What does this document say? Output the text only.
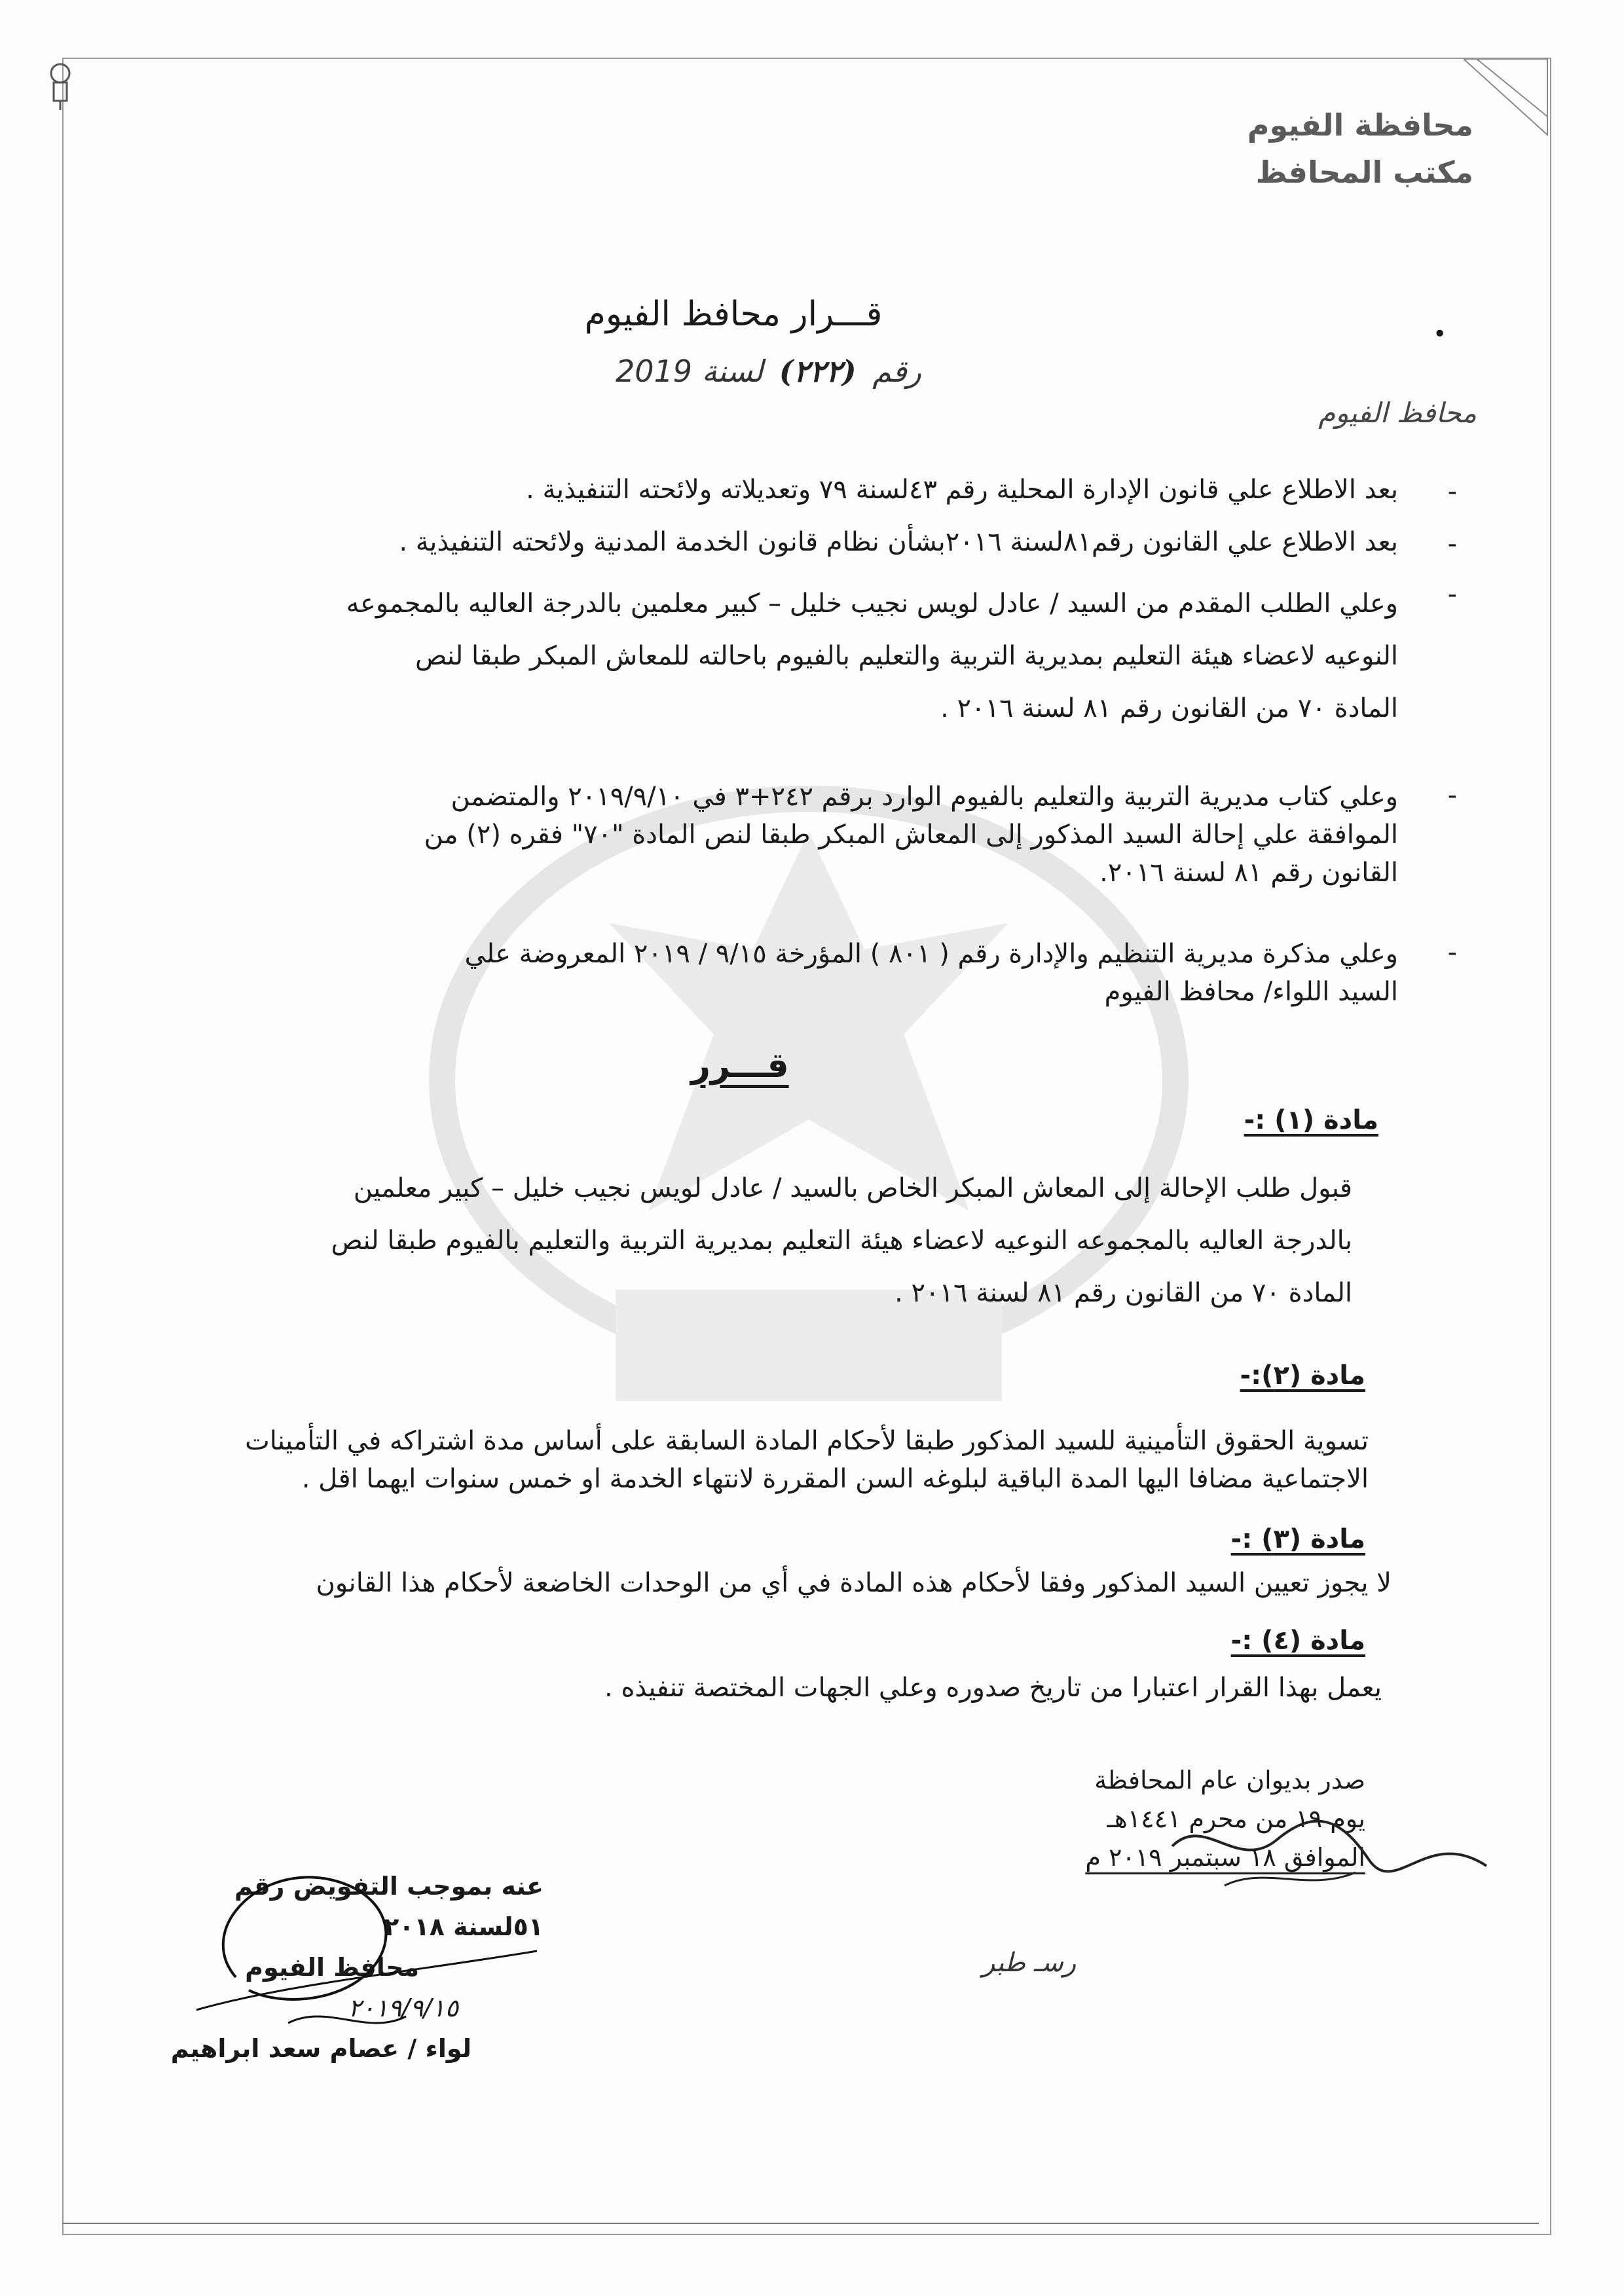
محافظة الفيوم
مكتب المحافظ
•
قـــرار محافظ الفيوم
رقم (٢٢٢) لسنة 2019
محافظ الفيوم
-
بعد الاطلاع علي قانون الإدارة المحلية رقم ٤٣لسنة ٧٩ وتعديلاته ولائحته التنفيذية .
-
بعد الاطلاع علي القانون رقم٨١لسنة ٢٠١٦بشأن نظام قانون الخدمة المدنية ولائحته التنفيذية .
-
وعلي الطلب المقدم من السيد / عادل لويس نجيب خليل – كبير معلمين بالدرجة العاليه بالمجموعه
النوعيه لاعضاء هيئة التعليم بمديرية التربية والتعليم بالفيوم باحالته للمعاش المبكر طبقا لنص
المادة ٧٠ من القانون رقم ٨١ لسنة ٢٠١٦ .
-
وعلي كتاب مديرية التربية والتعليم بالفيوم الوارد برقم ٢٤٢+٣ في ٢٠١٩/٩/١٠ والمتضمن
الموافقة علي إحالة السيد المذكور إلى المعاش المبكر طبقا لنص المادة "٧٠" فقره (٢) من
القانون رقم ٨١ لسنة ٢٠١٦.
-
وعلي مذكرة مديرية التنظيم والإدارة رقم ( ٨٠١ ) المؤرخة ٩/١٥ / ٢٠١٩ المعروضة علي
السيد اللواء/ محافظ الفيوم
قـــرر
مادة (١) :-
قبول طلب الإحالة إلى المعاش المبكر الخاص بالسيد / عادل لويس نجيب خليل – كبير معلمين
بالدرجة العاليه بالمجموعه النوعيه لاعضاء هيئة التعليم بمديرية التربية والتعليم بالفيوم طبقا لنص
المادة ٧٠ من القانون رقم ٨١ لسنة ٢٠١٦ .
مادة (٢):-
تسوية الحقوق التأمينية للسيد المذكور طبقا لأحكام المادة السابقة على أساس مدة اشتراكه في التأمينات
الاجتماعية مضافا اليها المدة الباقية لبلوغه السن المقررة لانتهاء الخدمة او خمس سنوات ايهما اقل .
مادة (٣) :-
لا يجوز تعيين السيد المذكور وفقا لأحكام هذه المادة في أي من الوحدات الخاضعة لأحكام هذا القانون
مادة (٤) :-
يعمل بهذا القرار اعتبارا من تاريخ صدوره وعلي الجهات المختصة تنفيذه .
صدر بديوان عام المحافظة
يوم ١٩ من محرم ١٤٤١هـ
الموافق ١٨ سبتمبر ٢٠١٩ م
عنه بموجب التفويض رقم ٥١لسنة ٢٠١٨
محافظ الفيوم
٢٠١٩/٩/١٥
لواء / عصام سعد ابراهيم
رسـ طبر
